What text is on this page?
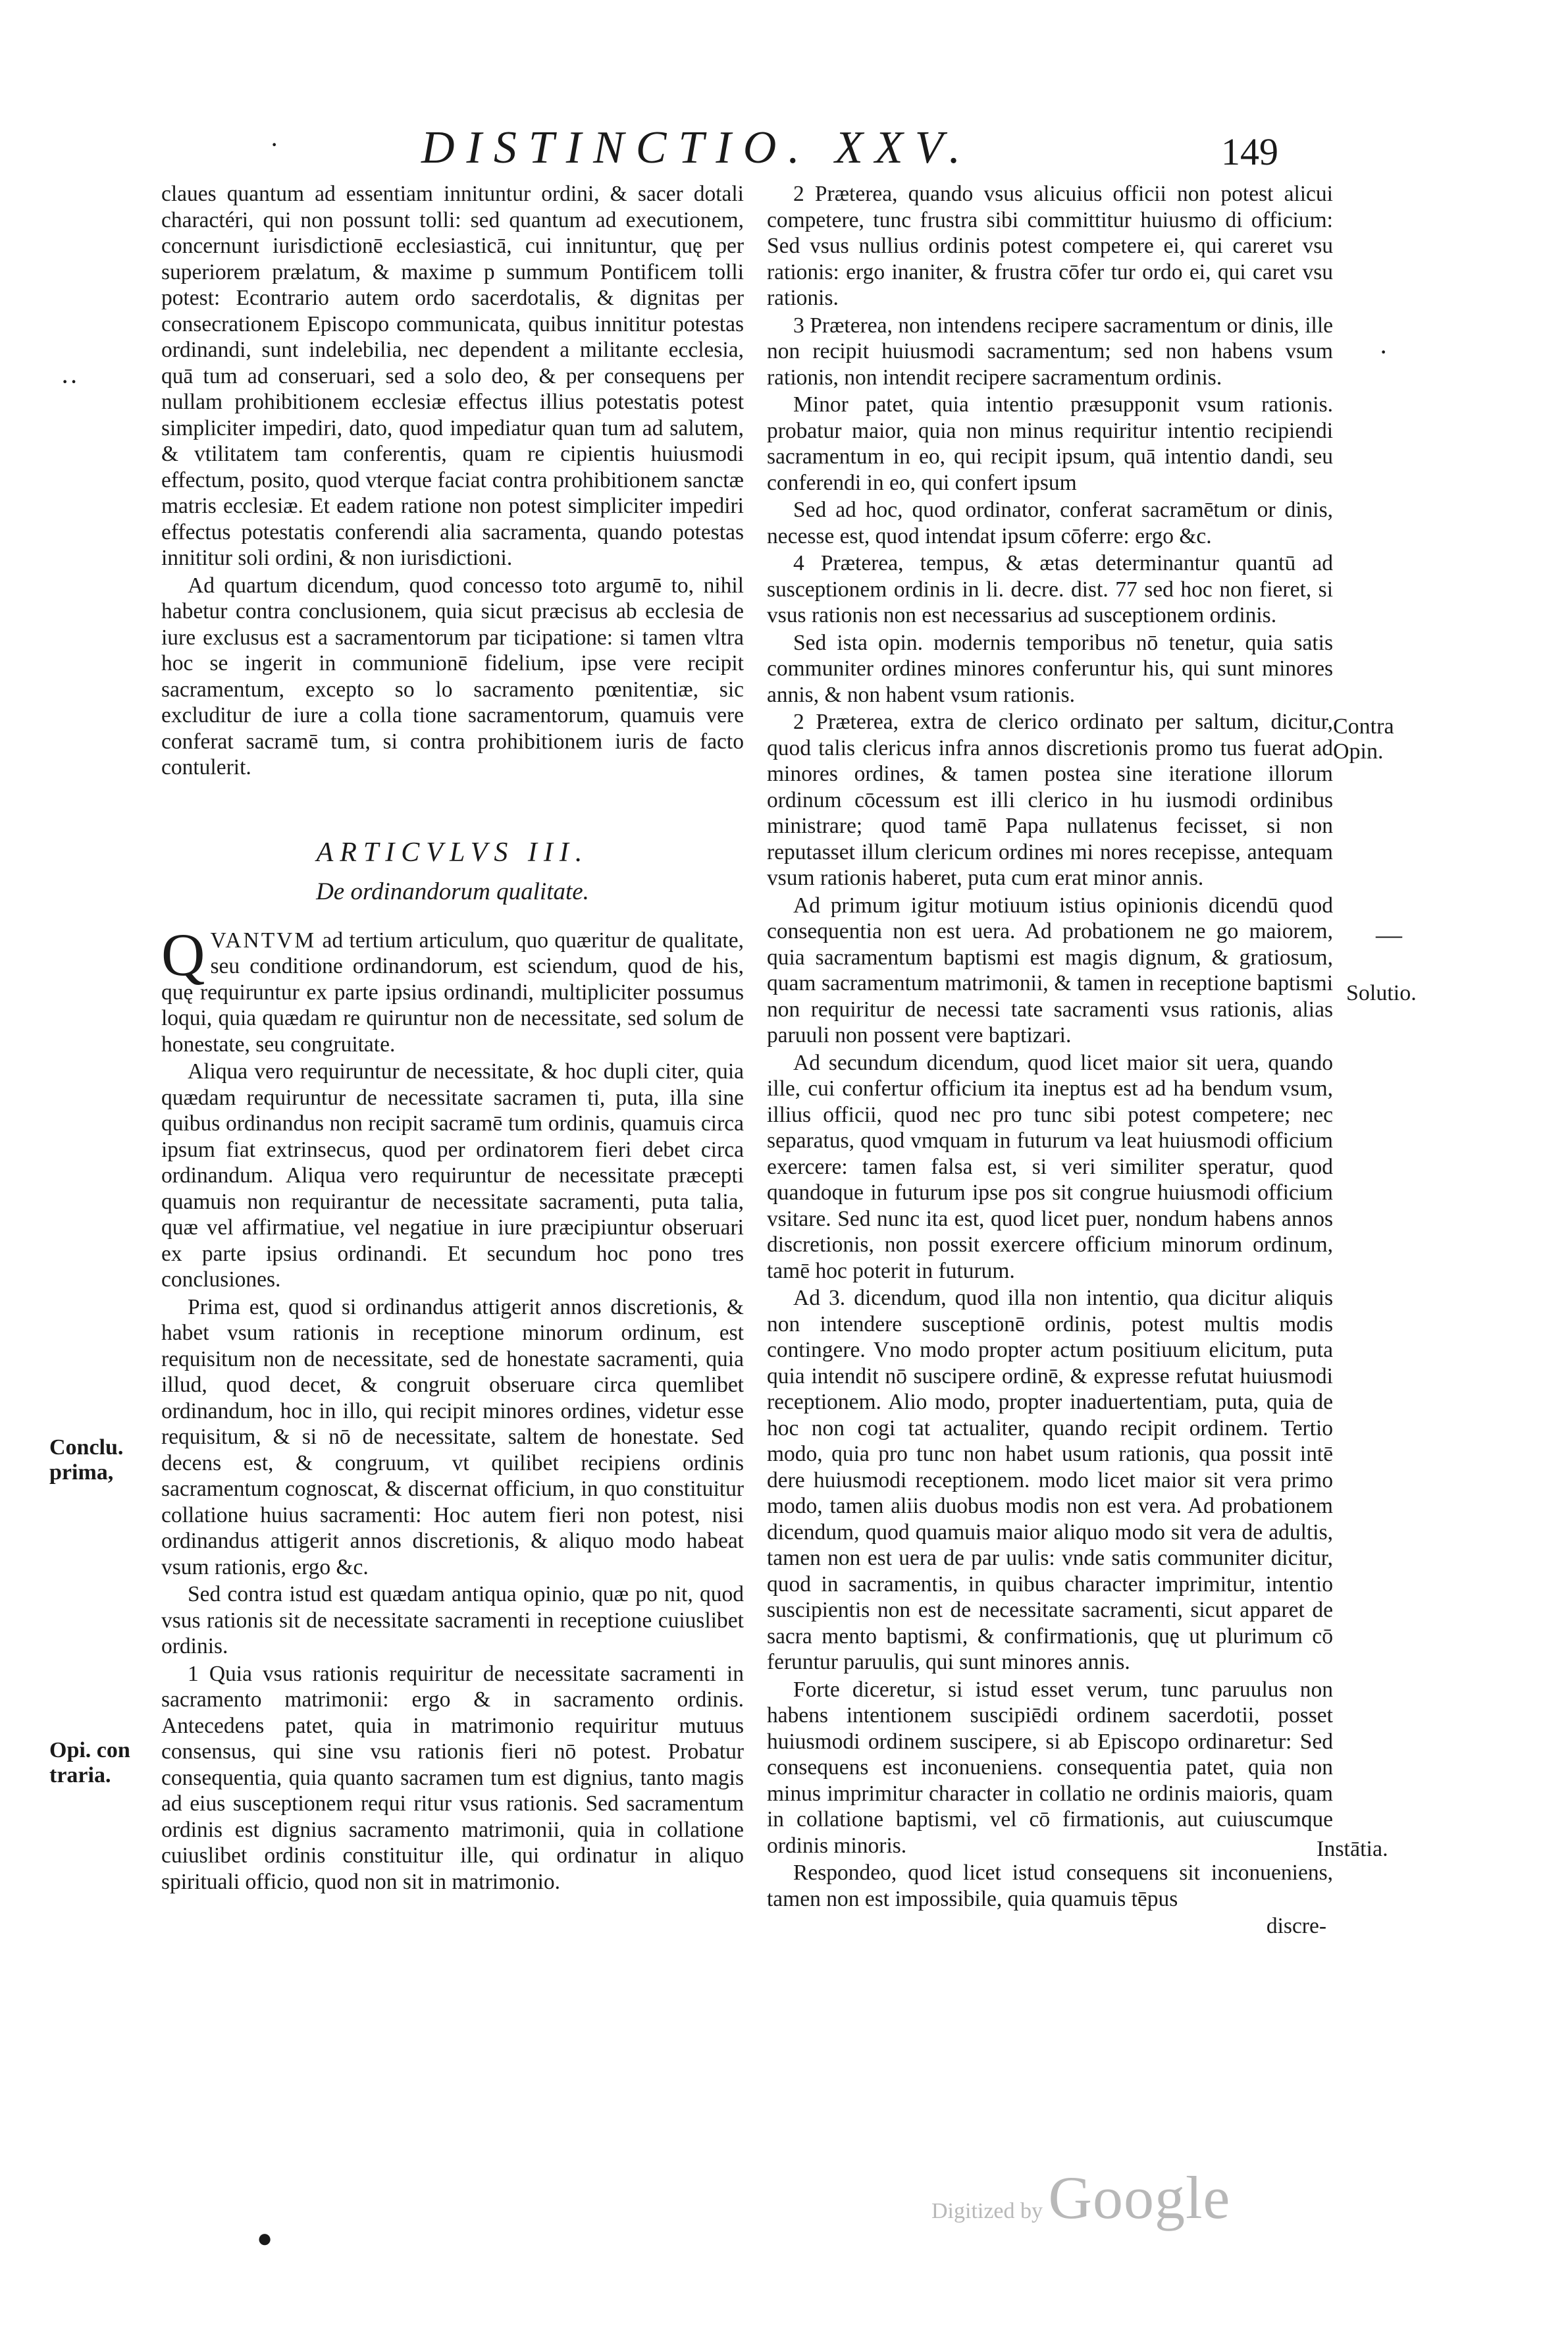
DISTINCTIO. XXV.	149

claues quantum ad essentiam innituntur ordini, & sacer dotali charactéri, qui non possunt tolli: sed quantum ad executionem, concernunt iurisdictionē ecclesiasticā, cui innituntur, quę per superiorem prælatum, & maxime p summum Pontificem tolli potest: Econtrario autem ordo sacerdotalis, & dignitas per consecrationem Episcopo communicata, quibus innititur potestas ordinandi, sunt indelebilia, nec dependent a militante ecclesia, quā tum ad conseruari, sed a solo deo, & per consequens per nullam prohibitionem ecclesiæ effectus illius potestatis potest simpliciter impediri, dato, quod impediatur quan tum ad salutem, & vtilitatem tam conferentis, quam re cipientis huiusmodi effectum, posito, quod vterque faciat contra prohibitionem sanctæ matris ecclesiæ. Et eadem ratione non potest simpliciter impediri effectus potestatis conferendi alia sacramenta, quando potestas innititur soli ordini, & non iurisdictioni.

Ad quartum dicendum, quod concesso toto argumē to, nihil habetur contra conclusionem, quia sicut præcisus ab ecclesia de iure exclusus est a sacramentorum par ticipatione: si tamen vltra hoc se ingerit in communionē fidelium, ipse vere recipit sacramentum, excepto so lo sacramento pœnitentiæ, sic excluditur de iure a colla tione sacramentorum, quamuis vere conferat sacramē tum, si contra prohibitionem iuris de facto contulerit.

ARTICVLVS III.
De ordinandorum qualitate.

QVANTVM ad tertium articulum, quo quæritur de qualitate, seu conditione ordinandorum, est sciendum, quod de his, quę requiruntur ex parte ipsius ordinandi, multipliciter possumus loqui, quia quædam re quiruntur non de necessitate, sed solum de honestate, seu congruitate.

Aliqua vero requiruntur de necessitate, & hoc dupli citer, quia quædam requiruntur de necessitate sacramen ti, puta, illa sine quibus ordinandus non recipit sacramē tum ordinis, quamuis circa ipsum fiat extrinsecus, quod per ordinatorem fieri debet circa ordinandum. Aliqua vero requiruntur de necessitate præcepti quamuis non requirantur de necessitate sacramenti, puta talia, quæ vel affirmatiue, vel negatiue in iure præcipiuntur obseruari ex parte ipsius ordinandi. Et secundum hoc pono tres conclusiones.

Prima est, quod si ordinandus attigerit annos discretionis, & habet vsum rationis in receptione minorum ordinum, est requisitum non de necessitate, sed de honestate sacramenti, quia illud, quod decet, & congruit obseruare circa quemlibet ordinandum, hoc in illo, qui recipit minores ordines, videtur esse requisitum, & si nō de necessitate, saltem de honestate. Sed decens est, & congruum, vt quilibet recipiens ordinis sacramentum cognoscat, & discernat officium, in quo constituitur collatione huius sacramenti: Hoc autem fieri non potest, nisi ordinandus attigerit annos discretionis, & aliquo modo habeat vsum rationis, ergo &c.

Sed contra istud est quædam antiqua opinio, quæ po nit, quod vsus rationis sit de necessitate sacramenti in receptione cuiuslibet ordinis.

1 Quia vsus rationis requiritur de necessitate sacramenti in sacramento matrimonii: ergo & in sacramento ordinis. Antecedens patet, quia in matrimonio requiritur mutuus consensus, qui sine vsu rationis fieri nō potest. Probatur consequentia, quia quanto sacramen tum est dignius, tanto magis ad eius susceptionem requi ritur vsus rationis. Sed sacramentum ordinis est dignius sacramento matrimonii, quia in collatione cuiuslibet ordinis constituitur ille, qui ordinatur in aliquo spirituali officio, quod non sit in matrimonio.

2 Præterea, quando vsus alicuius officii non potest alicui competere, tunc frustra sibi committitur huiusmo di officium: Sed vsus nullius ordinis potest competere ei, qui careret vsu rationis: ergo inaniter, & frustra cōfer tur ordo ei, qui caret vsu rationis.

3 Præterea, non intendens recipere sacramentum or dinis, ille non recipit huiusmodi sacramentum; sed non habens vsum rationis, non intendit recipere sacramentum ordinis.

Minor patet, quia intentio præsupponit vsum rationis. probatur maior, quia non minus requiritur intentio recipiendi sacramentum in eo, qui recipit ipsum, quā intentio dandi, seu conferendi in eo, qui confert ipsum

Sed ad hoc, quod ordinator, conferat sacramētum or dinis, necesse est, quod intendat ipsum cōferre: ergo &c.

4 Præterea, tempus, & ætas determinantur quantū ad susceptionem ordinis in li. decre. dist. 77 sed hoc non fieret, si vsus rationis non est necessarius ad susceptionem ordinis.

Sed ista opin. modernis temporibus nō tenetur, quia satis communiter ordines minores conferuntur his, qui sunt minores annis, & non habent vsum rationis.

2 Præterea, extra de clerico ordinato per saltum, dicitur, quod talis clericus infra annos discretionis promo tus fuerat ad minores ordines, & tamen postea sine iteratione illorum ordinum cōcessum est illi clerico in hu iusmodi ordinibus ministrare; quod tamē Papa nullatenus fecisset, si non reputasset illum clericum ordines mi nores recepisse, antequam vsum rationis haberet, puta cum erat minor annis.

Ad primum igitur motiuum istius opinionis dicendū quod consequentia non est uera. Ad probationem ne go maiorem, quia sacramentum baptismi est magis dignum, & gratiosum, quam sacramentum matrimonii, & tamen in receptione baptismi non requiritur de necessi tate sacramenti vsus rationis, alias paruuli non possent vere baptizari.

Ad secundum dicendum, quod licet maior sit uera, quando ille, cui confertur officium ita ineptus est ad ha bendum vsum, illius officii, quod nec pro tunc sibi potest competere; nec separatus, quod vmquam in futurum va leat huiusmodi officium exercere: tamen falsa est, si veri similiter speratur, quod quandoque in futurum ipse pos sit congrue huiusmodi officium vsitare. Sed nunc ita est, quod licet puer, nondum habens annos discretionis, non possit exercere officium minorum ordinum, tamē hoc poterit in futurum.

Ad 3. dicendum, quod illa non intentio, qua dicitur aliquis non intendere susceptionē ordinis, potest multis modis contingere. Vno modo propter actum positiuum elicitum, puta quia intendit nō suscipere ordinē, & expresse refutat huiusmodi receptionem. Alio modo, propter inaduertentiam, puta, quia de hoc non cogi tat actualiter, quando recipit ordinem. Tertio modo, quia pro tunc non habet usum rationis, qua possit intē dere huiusmodi receptionem. modo licet maior sit vera primo modo, tamen aliis duobus modis non est vera. Ad probationem dicendum, quod quamuis maior aliquo modo sit vera de adultis, tamen non est uera de par uulis: vnde satis communiter dicitur, quod in sacramentis, in quibus character imprimitur, intentio suscipientis non est de necessitate sacramenti, sicut apparet de sacra mento baptismi, & confirmationis, quę ut plurimum cō feruntur paruulis, qui sunt minores annis.

Forte diceretur, si istud esset verum, tunc paruulus non habens intentionem suscipiēdi ordinem sacerdotii, posset huiusmodi ordinem suscipere, si ab Episcopo ordinaretur: Sed consequens est inconueniens. consequentia patet, quia non minus imprimitur character in collatio ne ordinis maioris, quam in collatione baptismi, vel cō firmationis, aut cuiuscumque ordinis minoris.

Respondeo, quod licet istud consequens sit inconueniens, tamen non est impossibile, quia quamuis tēpus

discre-
Conclu.
prima,
Opi. con
traria.
Contra
Opin.
Solutio.
Instātia.
··
·
—
●
·
Digitized by Google
